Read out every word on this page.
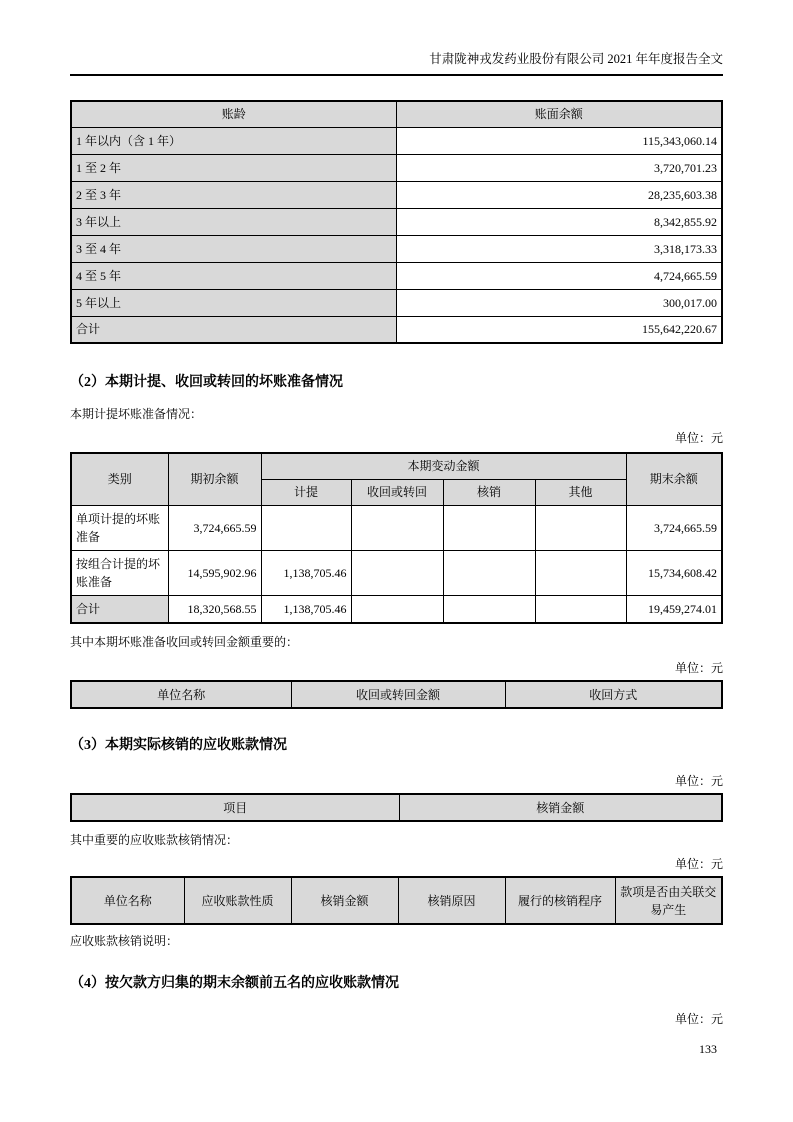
甘肃陇神戎发药业股份有限公司 2021 年年度报告全文
账龄	账面余额
1 年以内（含 1 年）	115,343,060.14
1 至 2 年	3,720,701.23
2 至 3 年	28,235,603.38
3 年以上	8,342,855.92
3 至 4 年	3,318,173.33
4 至 5 年	4,724,665.59
5 年以上	300,017.00
合计	155,642,220.67
（2）本期计提、收回或转回的坏账准备情况

本期计提坏账准备情况：

单位：元

类别	期初余额	本期变动金额				期末余额
		计提	收回或转回	核销	其他	
单项计提的坏账准备	3,724,665.59					3,724,665.59
按组合计提的坏账准备	14,595,902.96	1,138,705.46				15,734,608.42
合计	18,320,568.55	1,138,705.46				19,459,274.01

其中本期坏账准备收回或转回金额重要的：

单位：元

单位名称	收回或转回金额	收回方式
（3）本期实际核销的应收账款情况

单位：元

项目	核销金额

其中重要的应收账款核销情况：

单位：元

单位名称	应收账款性质	核销金额	核销原因	履行的核销程序	款项是否由关联交易产生

应收账款核销说明：

（4）按欠款方归集的期末余额前五名的应收账款情况

单位：元

133
